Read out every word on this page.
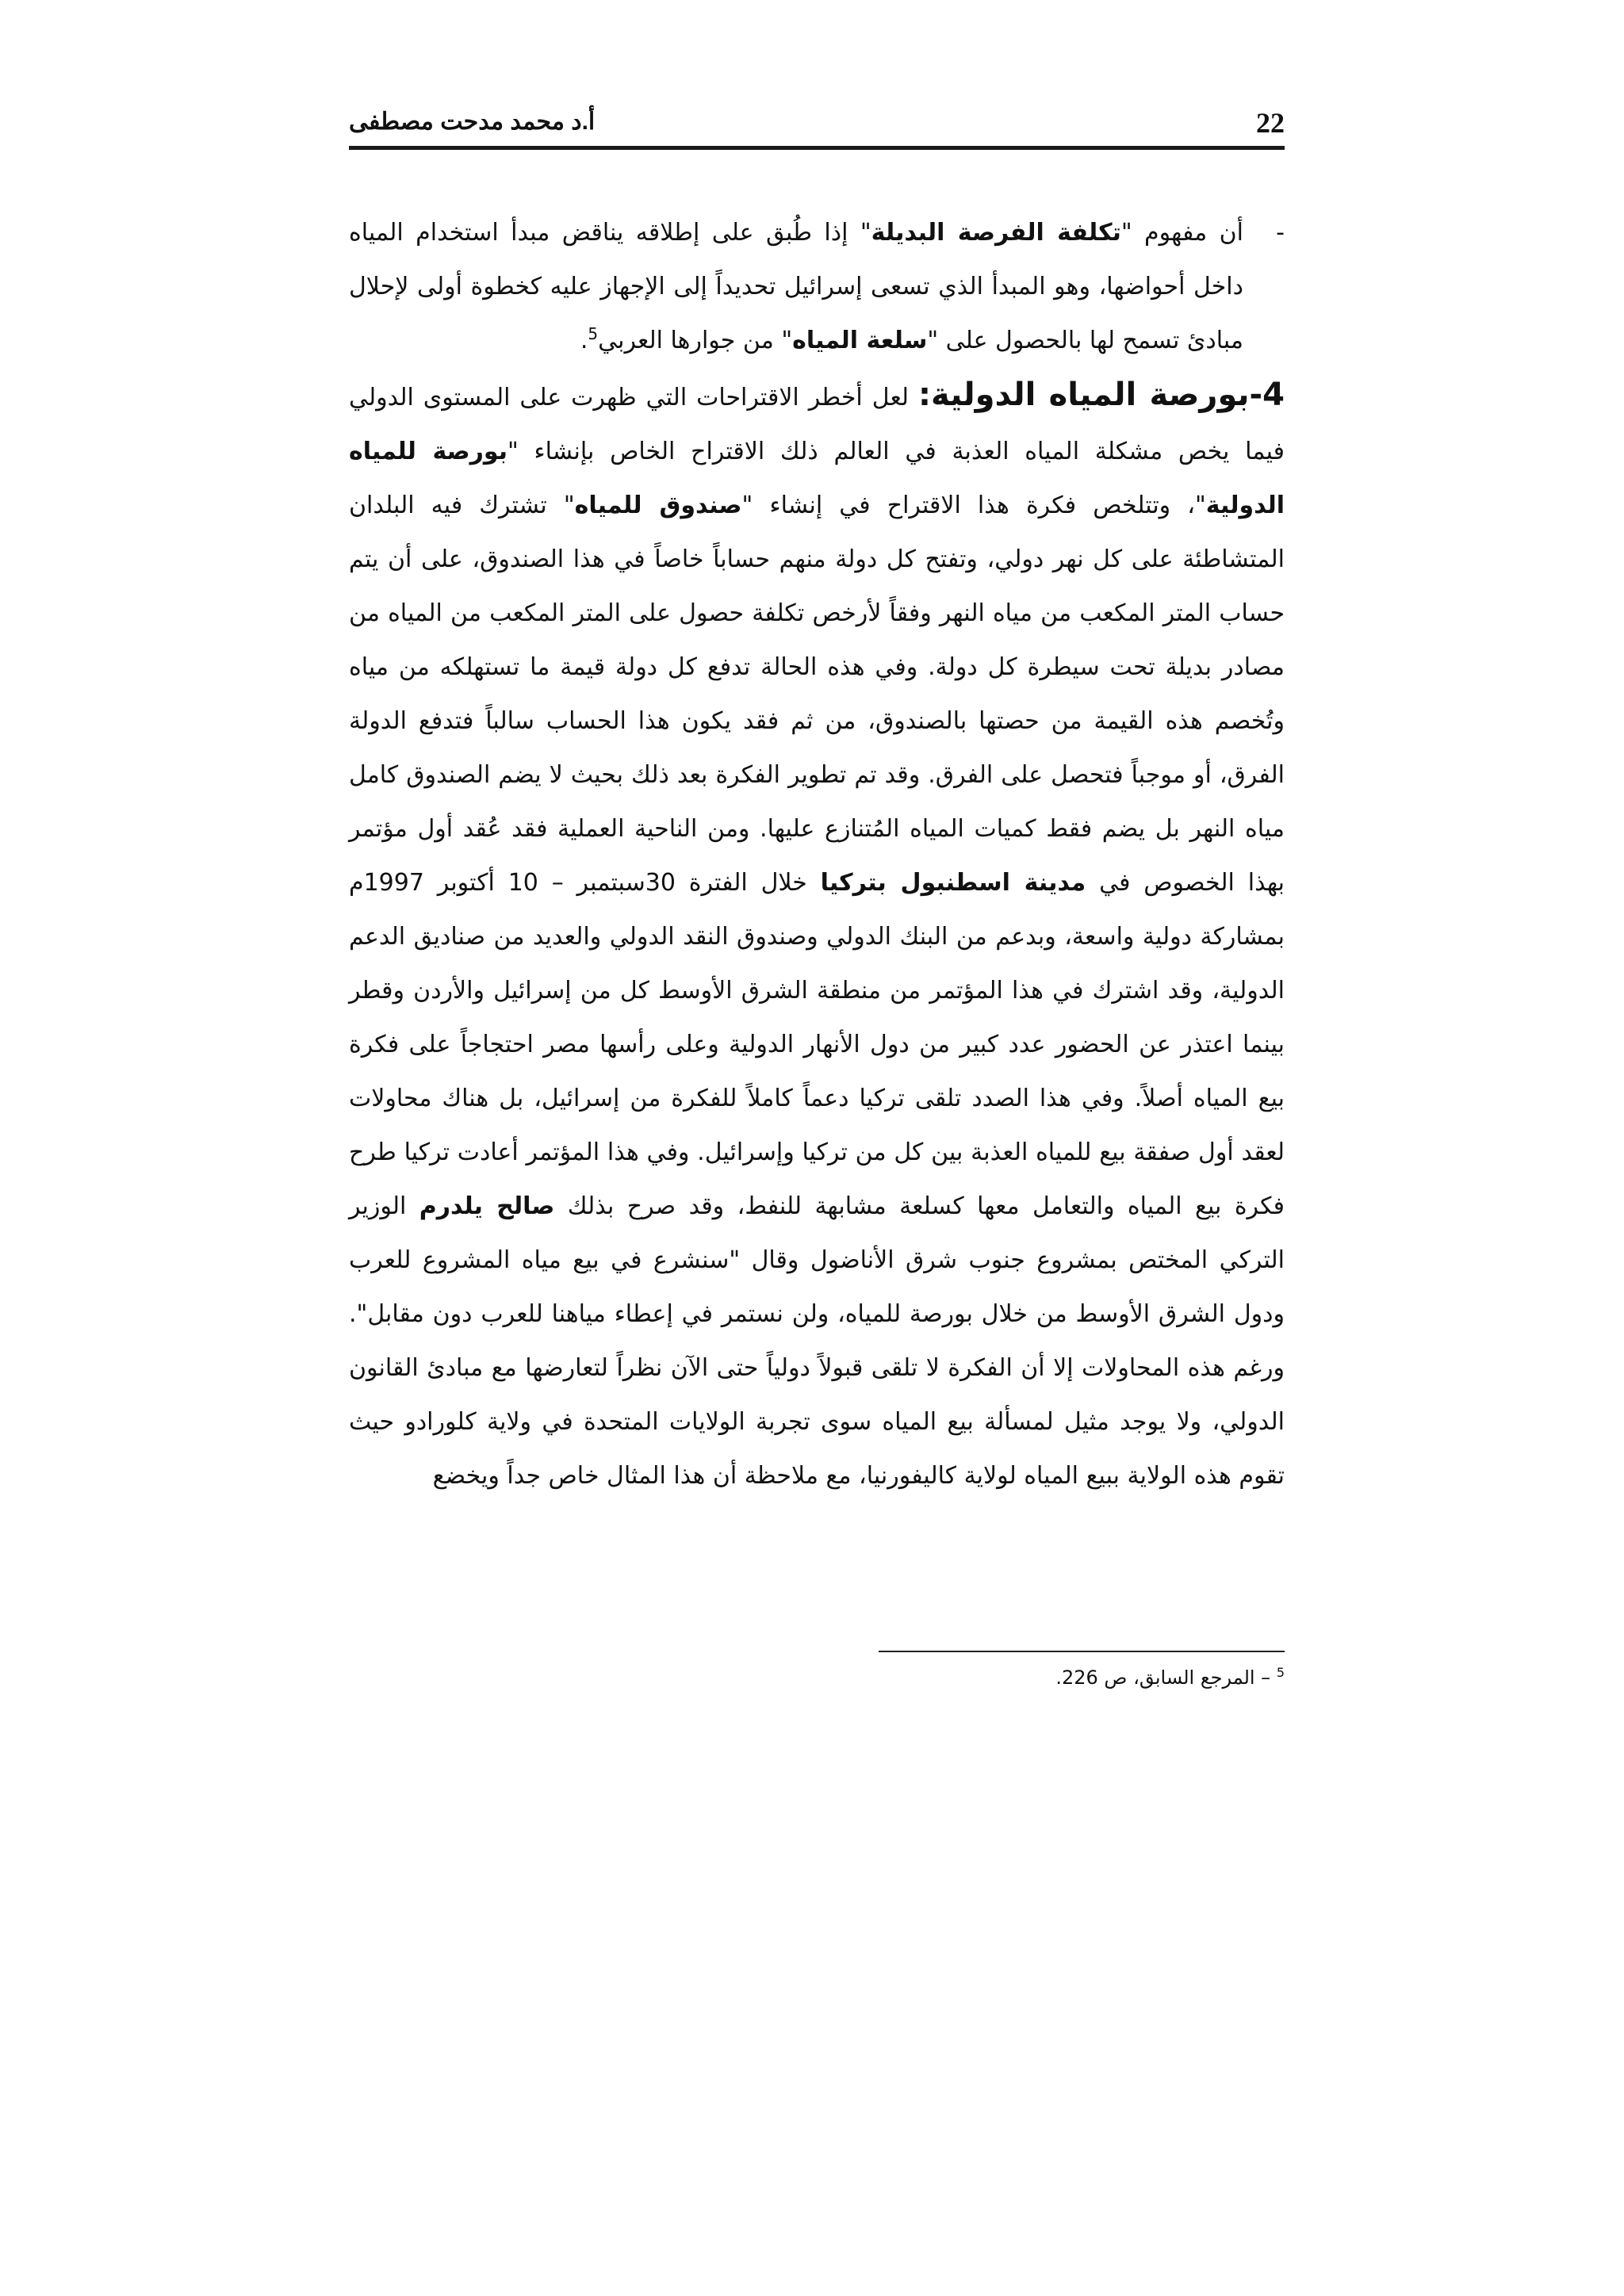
22
أ.د محمد مدحت مصطفى

-
أن مفهوم "تكلفة الفرصة البديلة" إذا طُبق على إطلاقه يناقض مبدأ استخدام المياه داخل أحواضها، وهو المبدأ الذي تسعى إسرائيل تحديداً إلى الإجهاز عليه كخطوة أولى لإحلال مبادئ تسمح لها بالحصول على "سلعة المياه" من جوارها العربي$^5$.

4-بورصة المياه الدولية: لعل أخطر الاقتراحات التي ظهرت على المستوى الدولي فيما يخص مشكلة المياه العذبة في العالم ذلك الاقتراح الخاص بإنشاء "بورصة للمياه الدولية"، وتتلخص فكرة هذا الاقتراح في إنشاء "صندوق للمياه" تشترك فيه البلدان المتشاطئة على كل نهر دولي، وتفتح كل دولة منهم حساباً خاصاً في هذا الصندوق، على أن يتم حساب المتر المكعب من مياه النهر وفقاً لأرخص تكلفة حصول على المتر المكعب من المياه من مصادر بديلة تحت سيطرة كل دولة. وفي هذه الحالة تدفع كل دولة قيمة ما تستهلكه من مياه وتُخصم هذه القيمة من حصتها بالصندوق، من ثم فقد يكون هذا الحساب سالباً فتدفع الدولة الفرق، أو موجباً فتحصل على الفرق. وقد تم تطوير الفكرة بعد ذلك بحيث لا يضم الصندوق كامل مياه النهر بل يضم فقط كميات المياه المُتنازع عليها. ومن الناحية العملية فقد عُقد أول مؤتمر بهذا الخصوص في مدينة اسطنبول بتركيا خلال الفترة 30سبتمبر – 10 أكتوبر 1997م بمشاركة دولية واسعة، وبدعم من البنك الدولي وصندوق النقد الدولي والعديد من صناديق الدعم الدولية، وقد اشترك في هذا المؤتمر من منطقة الشرق الأوسط كل من إسرائيل والأردن وقطر بينما اعتذر عن الحضور عدد كبير من دول الأنهار الدولية وعلى رأسها مصر احتجاجاً على فكرة بيع المياه أصلاً. وفي هذا الصدد تلقى تركيا دعماً كاملاً للفكرة من إسرائيل، بل هناك محاولات لعقد أول صفقة بيع للمياه العذبة بين كل من تركيا وإسرائيل. وفي هذا المؤتمر أعادت تركيا طرح فكرة بيع المياه والتعامل معها كسلعة مشابهة للنفط، وقد صرح بذلك صالح يلدرم الوزير التركي المختص بمشروع جنوب شرق الأناضول وقال "سنشرع في بيع مياه المشروع للعرب ودول الشرق الأوسط من خلال بورصة للمياه، ولن نستمر في إعطاء مياهنا للعرب دون مقابل". ورغم هذه المحاولات إلا أن الفكرة لا تلقى قبولاً دولياً حتى الآن نظراً لتعارضها مع مبادئ القانون الدولي، ولا يوجد مثيل لمسألة بيع المياه سوى تجربة الولايات المتحدة في ولاية كلورادو حيث تقوم هذه الولاية ببيع المياه لولاية كاليفورنيا، مع ملاحظة أن هذا المثال خاص جداً ويخضع

$^5$ – المرجع السابق، ص 226.
